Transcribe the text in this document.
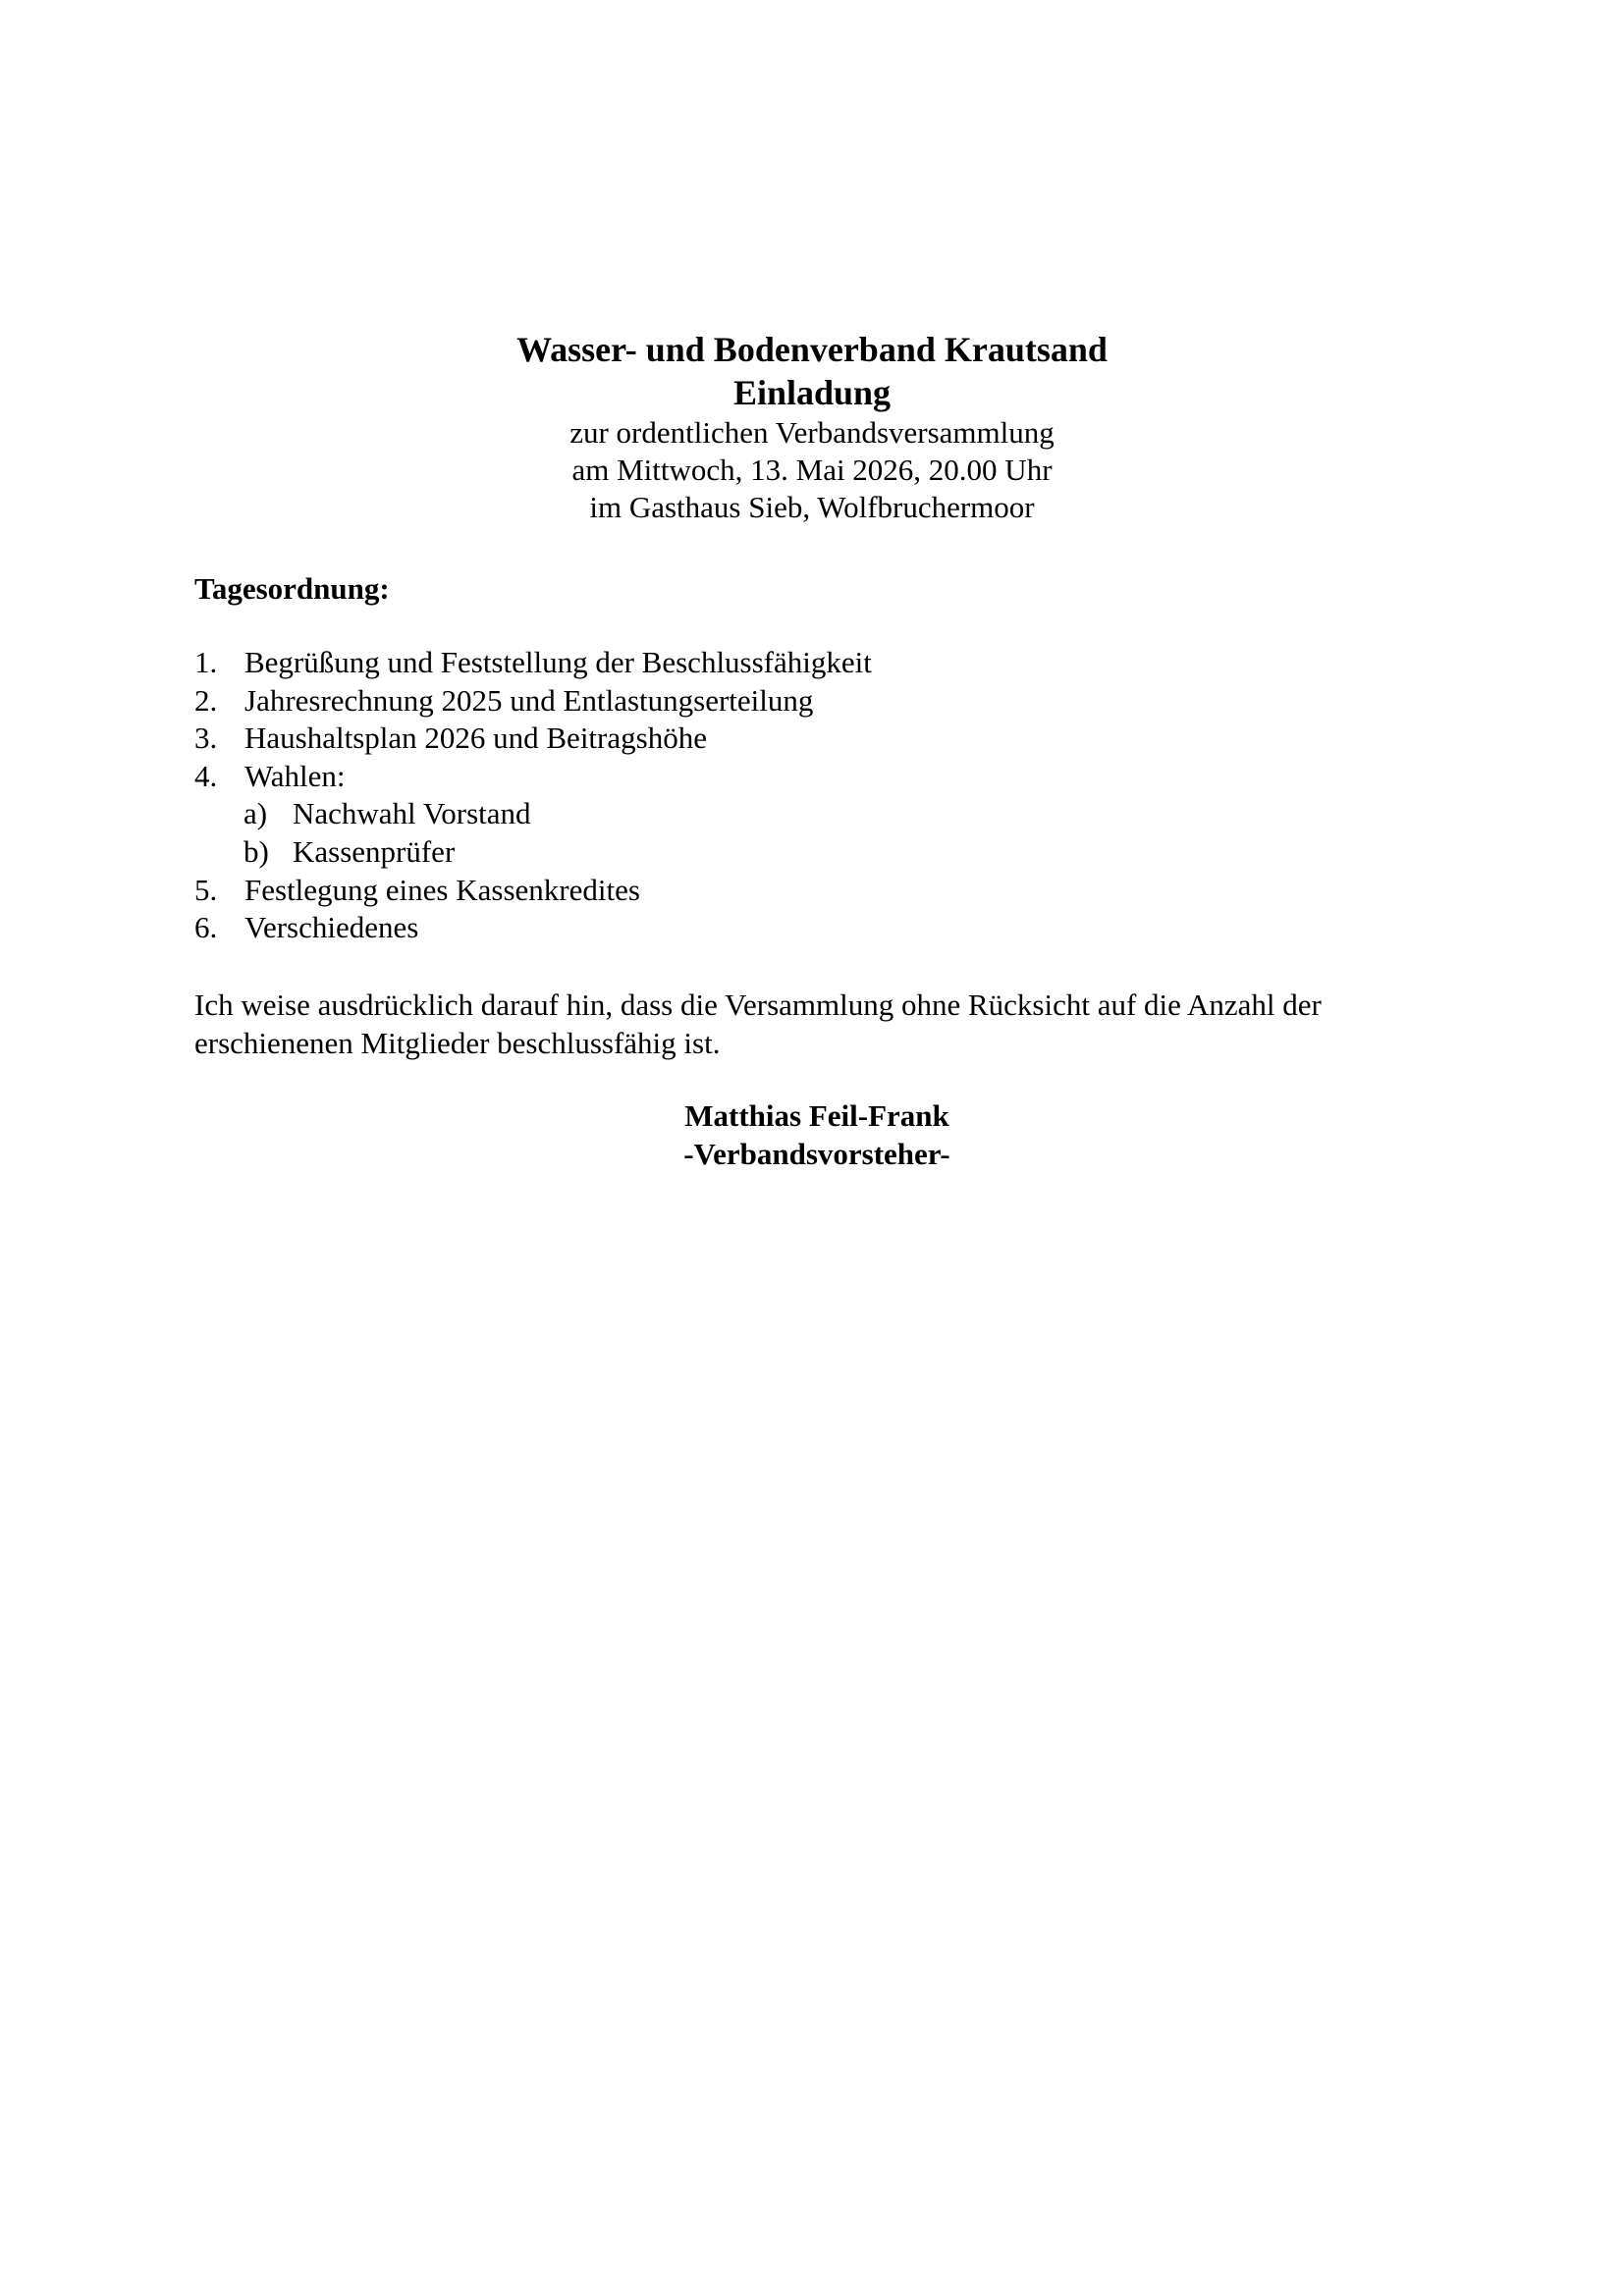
Wasser- und Bodenverband Krautsand
Einladung
zur ordentlichen Verbandsversammlung
am Mittwoch, 13. Mai 2026, 20.00 Uhr
im Gasthaus Sieb, Wolfbruchermoor
Tagesordnung:
1. Begrüßung und Feststellung der Beschlussfähigkeit
2. Jahresrechnung 2025 und Entlastungserteilung
3. Haushaltsplan 2026 und Beitragshöhe
4. Wahlen:
a) Nachwahl Vorstand
b) Kassenprüfer
5. Festlegung eines Kassenkredites
6. Verschiedenes

Ich weise ausdrücklich darauf hin, dass die Versammlung ohne Rücksicht auf die Anzahl der erschienenen Mitglieder beschlussfähig ist.

Matthias Feil-Frank
-Verbandsvorsteher-
